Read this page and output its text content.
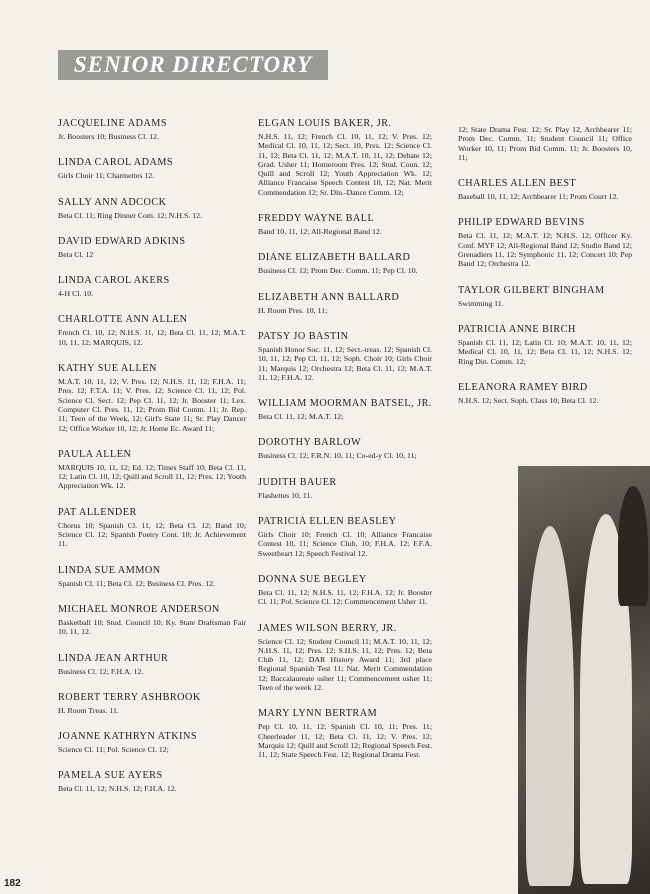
SENIOR DIRECTORY
JACQUELINE ADAMS
Jr. Boosters 10; Business Cl. 12.
LINDA CAROL ADAMS
Girls Choir 11; Charmettes 12.
SALLY ANN ADCOCK
Beta Cl. 11; Ring Dinner Com. 12; N.H.S. 12.
DAVID EDWARD ADKINS
Beta Cl. 12
LINDA CAROL AKERS
4-H Cl. 10.
CHARLOTTE ANN ALLEN
French Cl. 10, 12; N.H.S. 11, 12; Beta Cl. 11, 12; M.A.T. 10, 11, 12; MARQUIS, 12.
KATHY SUE ALLEN
M.A.T. 10, 11, 12; V. Pres. 12; N.H.S. 11, 12; F.H.A. 11; Pres. 12; F.T.A. 11; V. Pres. 12; Science Cl. 11, 12; Pol. Science Cl. Sect. 12; Pep Cl. 11, 12; Jr. Booster 11; Lex. Computer Cl. Pres. 11, 12; Prom Bid Comm. 11; Jr. Rep. 11; Teen of the Week, 12; Girl's State 11; Sr. Play Dancer 12; Office Worker 10, 12; Jr. Home Ec. Award 11;
PAULA ALLEN
MARQUIS 10, 11, 12; Ed. 12; Times Staff 10; Beta Cl. 11, 12; Latin Cl. 10, 12; Quill and Scroll 11, 12; Pres. 12; Youth Appreciation Wk. 12.
PAT ALLENDER
Chorus 10; Spanish Cl. 11, 12; Beta Cl. 12; Band 10; Science Cl. 12; Spanish Poetry Cont. 10; Jr. Achievement 11.
LINDA SUE AMMON
Spanish Cl. 11; Beta Cl. 12; Business Cl. Pres. 12.
MICHAEL MONROE ANDERSON
Basketball 10; Stud. Council 10; Ky. State Draftsman Fair 10, 11, 12.
LINDA JEAN ARTHUR
Business Cl. 12; F.H.A. 12.
ROBERT TERRY ASHBROOK
H. Room Treas. 11.
JOANNE KATHRYN ATKINS
Science Cl. 11; Pol. Science Cl. 12;
PAMELA SUE AYERS
Beta Cl. 11, 12; N.H.S. 12; F.H.A. 12.
ELGAN LOUIS BAKER, JR.
N.H.S. 11, 12; French Cl. 10, 11, 12; V. Pres. 12; Medical Cl. 10, 11, 12; Sect. 10, Pres. 12; Science Cl. 11, 12; Beta Cl. 11, 12; M.A.T. 10, 11, 12; Debate 12; Grad. Usher 11; Homeroom Pres. 12; Stud. Coun. 12; Quill and Scroll 12; Youth Appreciation Wk. 12; Alliance Francaise Speech Contest 10, 12; Nat. Merit Commendation 12; Sr. Din.-Dance Comm. 12;
FREDDY WAYNE BALL
Band 10, 11, 12; All-Regional Band 12.
DIANE ELIZABETH BALLARD
Business Cl. 12; Prom Dec. Comm. 11; Pep Cl. 10.
ELIZABETH ANN BALLARD
H. Room Pres. 10, 11;
PATSY JO BASTIN
Spanish Honor Soc. 11, 12; Sect.-treas. 12; Spanish Cl. 10, 11, 12; Pep Cl. 11, 12; Soph. Choir 10; Girls Choir 11; Marquis 12; Orchestra 12; Beta Cl. 11, 12; M.A.T. 11, 12; F.H.A. 12.
WILLIAM MOORMAN BATSEL, JR.
Beta Cl. 11, 12; M.A.T. 12;
DOROTHY BARLOW
Business Cl. 12; F.R.N. 10, 11; Co-ed-y Cl. 10, 11;
JUDITH BAUER
Flashettes 10, 11.
PATRICIA ELLEN BEASLEY
Girls Choir 10; French Cl. 10; Alliance Francaise Contest 10, 11; Science Club, 10; F.H.A. 12; F.F.A. Sweetheart 12; Speech Festival 12.
DONNA SUE BEGLEY
Beta Cl. 11, 12; N.H.S. 11, 12; F.H.A. 12; Jr. Booster Cl. 11; Pol. Science Cl. 12; Commencement Usher 11.
JAMES WILSON BERRY, JR.
Science Cl. 12; Student Council 11; M.A.T. 10, 11, 12; N.H.S. 11, 12; Pres. 12; S.H.S. 11, 12; Pres. 12; Beta Club 11, 12; DAR History Award 11; 3rd place Regional Spanish Test 11; Nat. Merit Commendation 12; Baccalaureate usher 11; Commencement usher 11; Teen of the week 12.
MARY LYNN BERTRAM
Pep Cl. 10, 11, 12; Spanish Cl. 10, 11; Pres. 11; Cheerleader 11, 12; Beta Cl. 11, 12; V. Pres. 12; Marquis 12; Quill and Scroll 12; Regional Speech Fest. 11, 12; State Speech Fest. 12; Regional Drama Fest.
12; State Drama Fest. 12; Sr. Play 12, Archbearer 11; Prom Dec. Comm. 11; Student Council 11; Office Worker 10, 11; Prom Bid Comm. 11; Jr. Boosters 10, 11;
CHARLES ALLEN BEST
Baseball 10, 11, 12; Archbearer 11; Prom Court 12.
PHILIP EDWARD BEVINS
Beta Cl. 11, 12; M.A.T. 12; N.H.S. 12; Officer Ky. Conf. MYF 12; All-Regional Band 12; Studio Band 12; Grenadiers 11, 12; Symphonic 11, 12; Concert 10; Pep Band 12; Orchestra 12.
TAYLOR GILBERT BINGHAM
Swimming 11.
PATRICIA ANNE BIRCH
Spanish Cl. 11, 12; Latin Cl. 10; M.A.T. 10, 11, 12; Medical Cl. 10, 11, 12; Beta Cl. 11, 12; N.H.S. 12; Ring Din. Comm. 12;
ELEANORA RAMEY BIRD
N.H.S. 12; Sect. Soph. Class 10; Beta Cl. 12.
182
